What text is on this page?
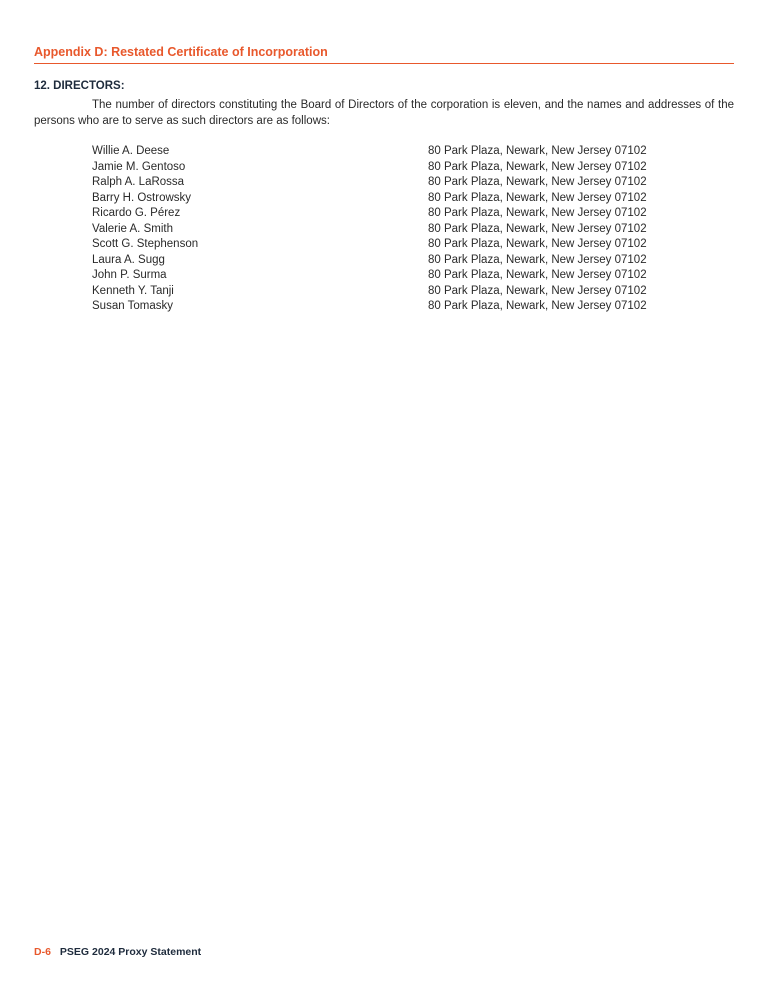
Appendix D: Restated Certificate of Incorporation
12. DIRECTORS:
The number of directors constituting the Board of Directors of the corporation is eleven, and the names and addresses of the persons who are to serve as such directors are as follows:
Willie A. Deese	80 Park Plaza, Newark, New Jersey 07102
Jamie M. Gentoso	80 Park Plaza, Newark, New Jersey 07102
Ralph A. LaRossa	80 Park Plaza, Newark, New Jersey 07102
Barry H. Ostrowsky	80 Park Plaza, Newark, New Jersey 07102
Ricardo G. Pérez	80 Park Plaza, Newark, New Jersey 07102
Valerie A. Smith	80 Park Plaza, Newark, New Jersey 07102
Scott G. Stephenson	80 Park Plaza, Newark, New Jersey 07102
Laura A. Sugg	80 Park Plaza, Newark, New Jersey 07102
John P. Surma	80 Park Plaza, Newark, New Jersey 07102
Kenneth Y. Tanji	80 Park Plaza, Newark, New Jersey 07102
Susan Tomasky	80 Park Plaza, Newark, New Jersey 07102
D-6 PSEG 2024 Proxy Statement
